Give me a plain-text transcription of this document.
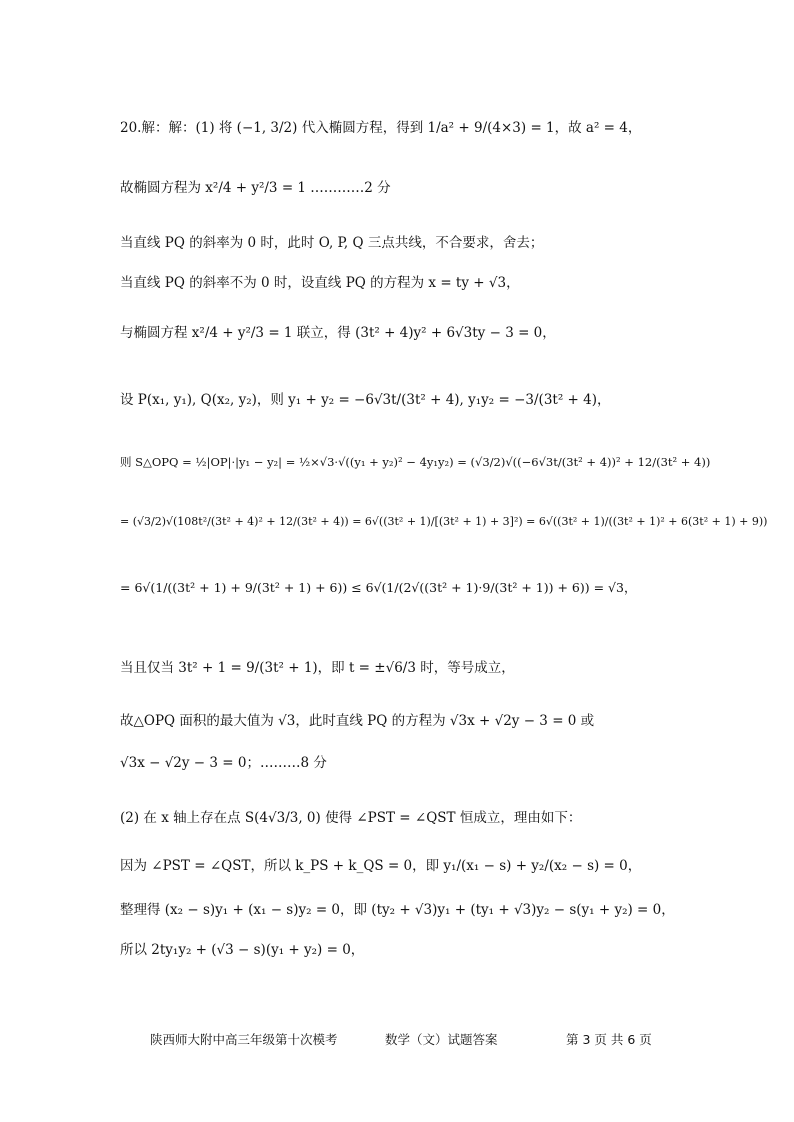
20.解：解：(1) 将 (−1, 3/2) 代入椭圆方程，得到 1/a² + 9/(4×3) = 1，故 a² = 4，
故椭圆方程为 x²/4 + y²/3 = 1 …………2 分
当直线 PQ 的斜率为 0 时，此时 O, P, Q 三点共线，不合要求，舍去；
当直线 PQ 的斜率不为 0 时，设直线 PQ 的方程为 x = ty + √3，
与椭圆方程 x²/4 + y²/3 = 1 联立，得 (3t² + 4)y² + 6√3ty − 3 = 0，
设 P(x₁, y₁), Q(x₂, y₂)，则 y₁ + y₂ = −6√3t/(3t² + 4), y₁y₂ = −3/(3t² + 4)，
则 S△OPQ = ½|OP|·|y₁ − y₂| = ½×√3·√((y₁ + y₂)² − 4y₁y₂) = (√3/2)√((−6√3t/(3t² + 4))² + 12/(3t² + 4))
= (√3/2)√(108t²/(3t² + 4)² + 12/(3t² + 4)) = 6√((3t² + 1)/[(3t² + 1) + 3]²) = 6√((3t² + 1)/((3t² + 1)² + 6(3t² + 1) + 9))
= 6√(1/((3t² + 1) + 9/(3t² + 1) + 6)) ≤ 6√(1/(2√((3t² + 1)·9/(3t² + 1)) + 6)) = √3，
当且仅当 3t² + 1 = 9/(3t² + 1)，即 t = ±√6/3 时，等号成立，
故△OPQ 面积的最大值为 √3，此时直线 PQ 的方程为 √3x + √2y − 3 = 0 或
√3x − √2y − 3 = 0；………8 分
(2) 在 x 轴上存在点 S(4√3/3, 0) 使得 ∠PST = ∠QST 恒成立，理由如下：
因为 ∠PST = ∠QST，所以 k_PS + k_QS = 0，即 y₁/(x₁ − s) + y₂/(x₂ − s) = 0，
整理得 (x₂ − s)y₁ + (x₁ − s)y₂ = 0，即 (ty₂ + √3)y₁ + (ty₁ + √3)y₂ − s(y₁ + y₂) = 0，
所以 2ty₁y₂ + (√3 − s)(y₁ + y₂) = 0，
陕西师大附中高三年级第十次模考	数学（文）试题答案	第 3 页 共 6 页
